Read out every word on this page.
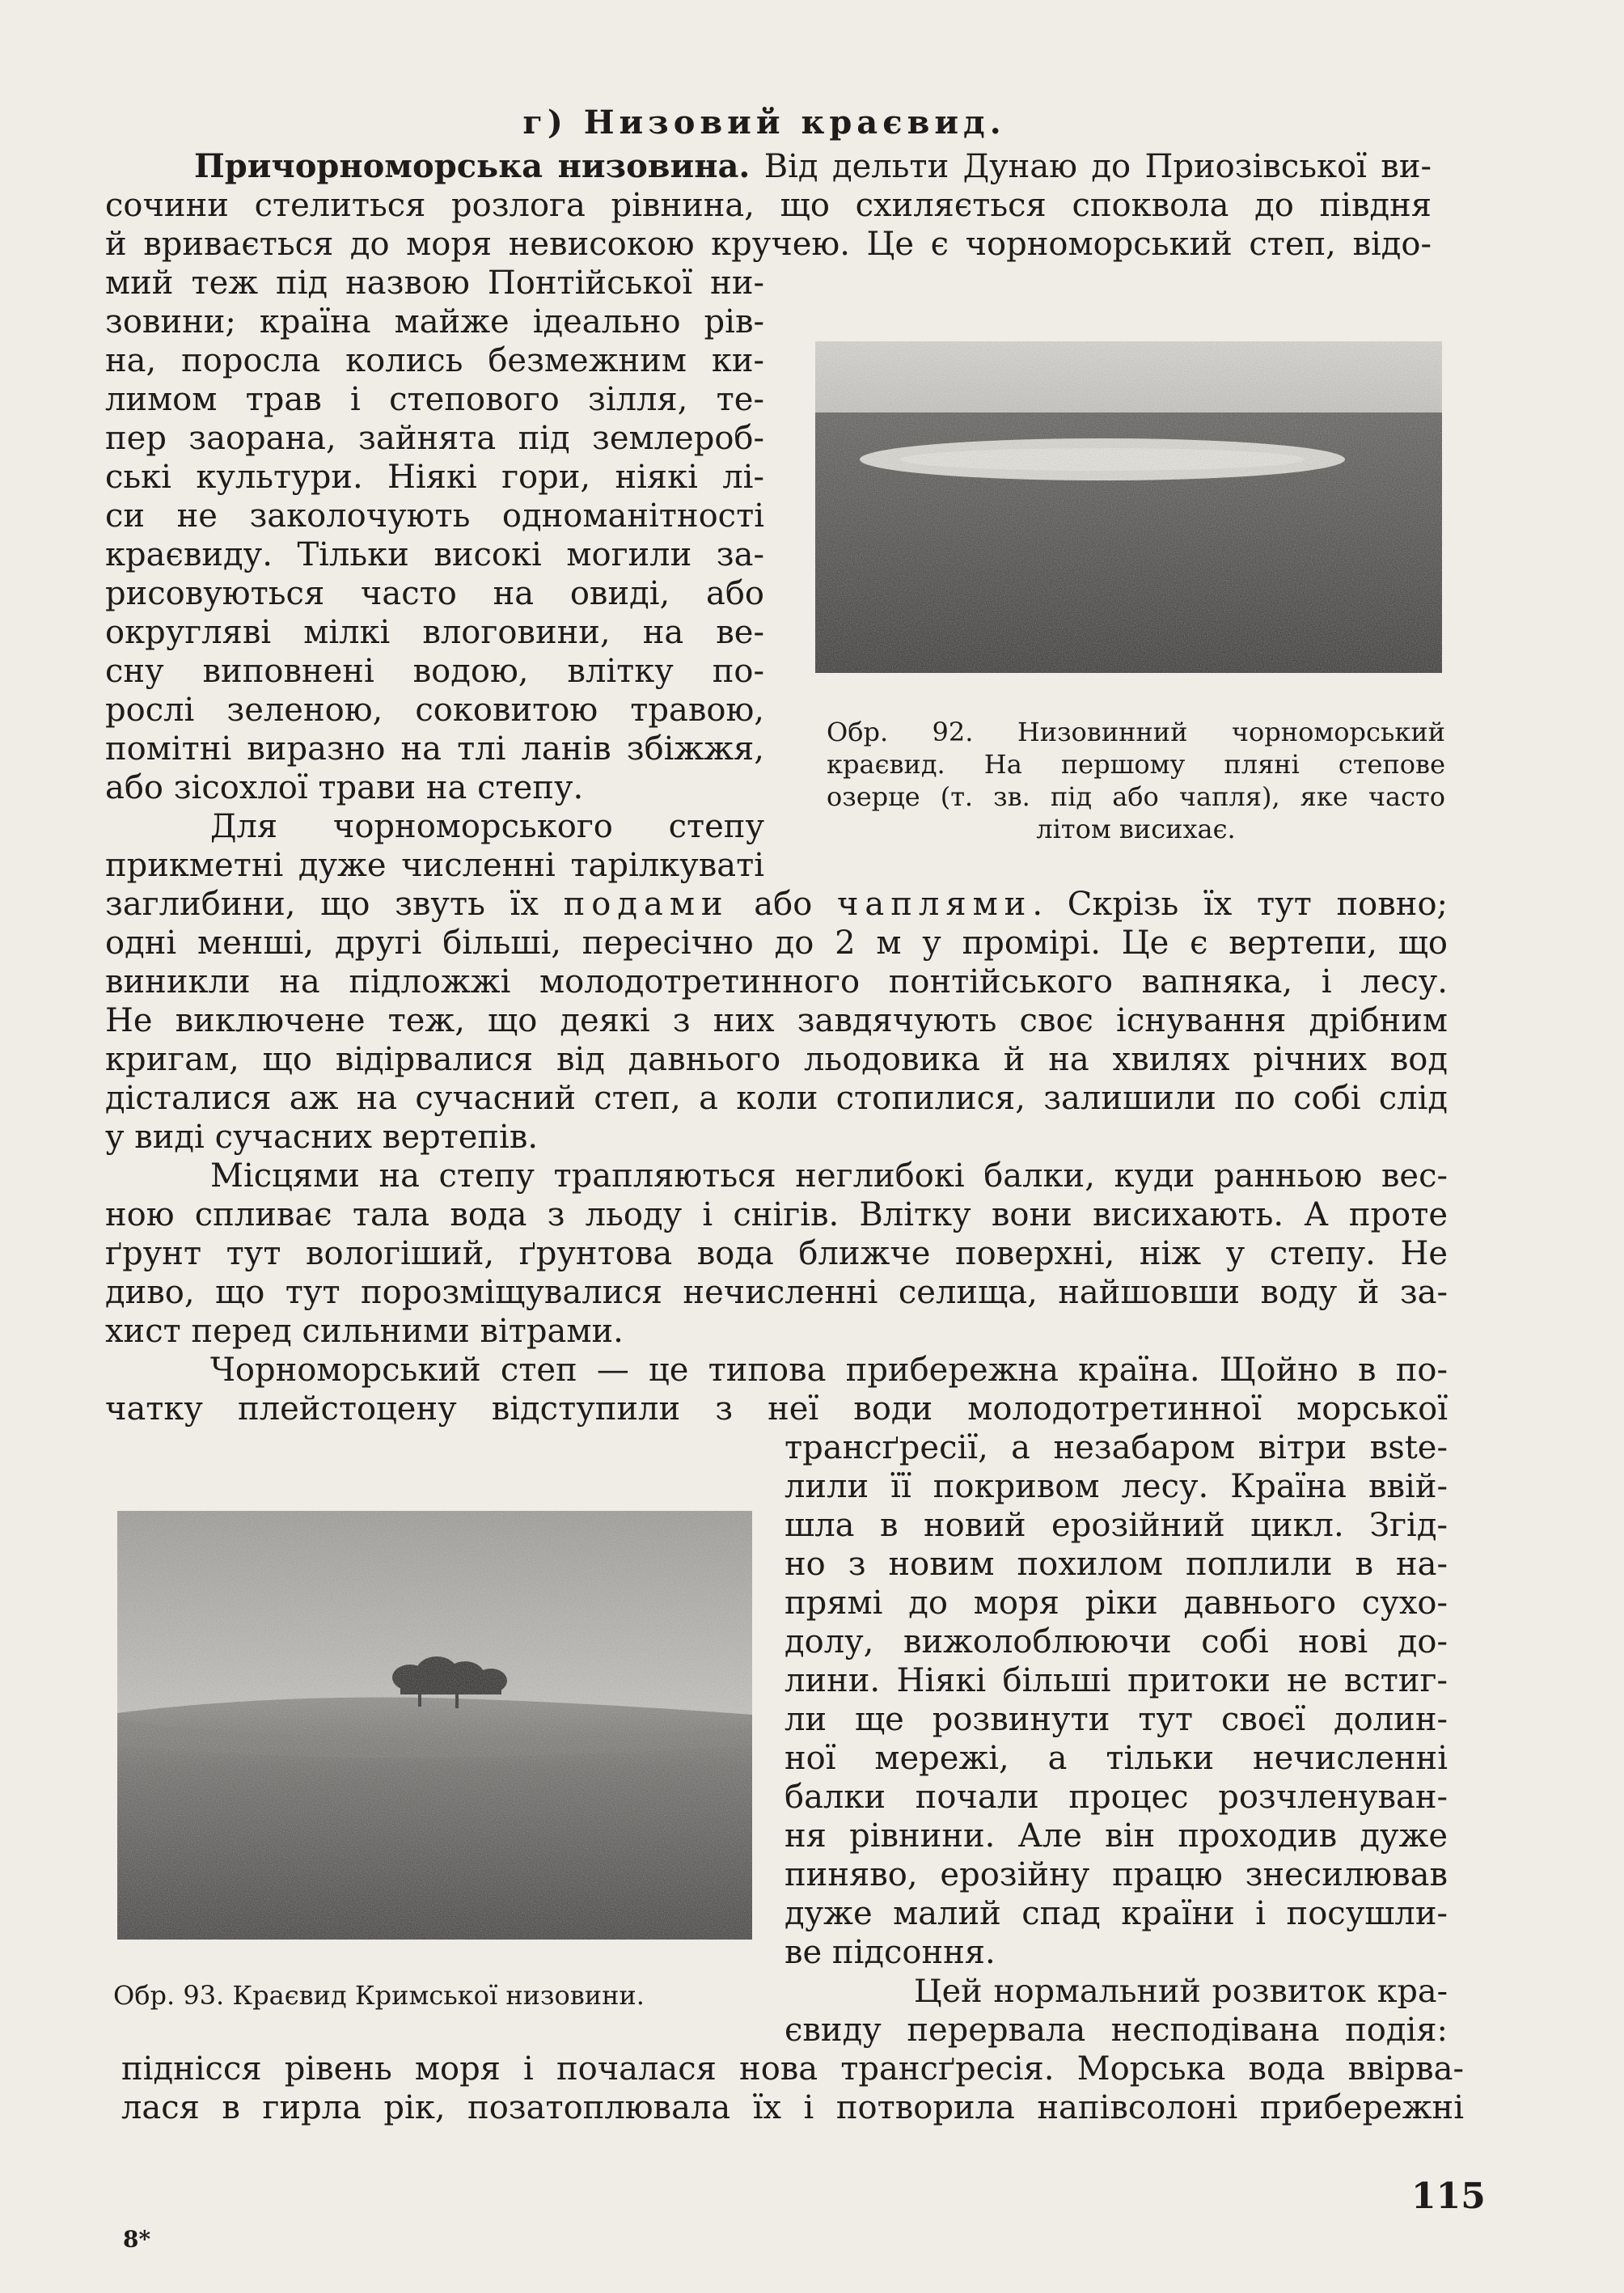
г) Низовий краєвид.
Причорноморська низовина. Від дельти Дунаю до Приозівської ви-
сочини стелиться розлога рівнина, що схиляється споквола до півдня
й вривається до моря невисокою кручею. Це є чорноморський степ, відо-
мий теж під назвою Понтійської ни-
зовини; країна майже ідеально рів-
на, поросла колись безмежним ки-
лимом трав і степового зілля, те-
пер заорана, зайнята під землероб-
ські культури. Ніякі гори, ніякі лі-
си не заколочують одноманітності
краєвиду. Тільки високі могили за-
рисовуються часто на овиді, або
округляві мілкі влоговини, на ве-
сну виповнені водою, влітку по-
рослі зеленою, соковитою травою,
помітні виразно на тлі ланів збіжжя,
або зісохлої трави на степу.
Для чорноморського степу
прикметні дуже численні тарілкуваті
заглибини, що звуть їх подами або чаплями. Скрізь їх тут повно;
одні менші, другі більші, пересічно до 2 м у промірі. Це є вертепи, що
виникли на підложжі молодотретинного понтійського вапняка, і лесу.
Не виключене теж, що деякі з них завдячують своє існування дрібним
кригам, що відірвалися від давнього льодовика й на хвилях річних вод
дісталися аж на сучасний степ, а коли стопилися, залишили по собі слід
у виді сучасних вертепів.
Місцями на степу трапляються неглибокі балки, куди ранньою вес-
ною спливає тала вода з льоду і снігів. Влітку вони висихають. А проте
ґрунт тут вологіший, ґрунтова вода ближче поверхні, ніж у степу. Не
диво, що тут порозміщувалися нечисленні селища, найшовши воду й за-
хист перед сильними вітрами.
Чорноморський степ — це типова прибережна країна. Щойно в по-
чатку плейстоцену відступили з неї води молодотретинної морської
трансґресії, а незабаром вітри вste-
лили її покривом лесу. Країна ввій-
шла в новий ерозійний цикл. Згід-
но з новим похилом поплили в на-
прямі до моря ріки давнього сухо-
долу, вижолоблюючи собі нові до-
лини. Ніякі більші притоки не встиг-
ли ще розвинути тут своєї долин-
ної мережі, а тільки нечисленні
балки почали процес розчленуван-
ня рівнини. Але він проходив дуже
пиняво, ерозійну працю знесилював
дуже малий спад країни і посушли-
ве підсоння.
Цей нормальний розвиток кра-
євиду перервала несподівана подія:
піднісся рівень моря і почалася нова трансґресія. Морська вода ввірва-
лася в гирла рік, позатоплювала їх і потворила напівсолоні прибережні
Обр. 92. Низовинний чорноморський
краєвид. На першому пляні степове
озерце (т. зв. під або чапля), яке часто
літом висихає.
Обр. 93. Краєвид Кримської низовини.
115
8*
